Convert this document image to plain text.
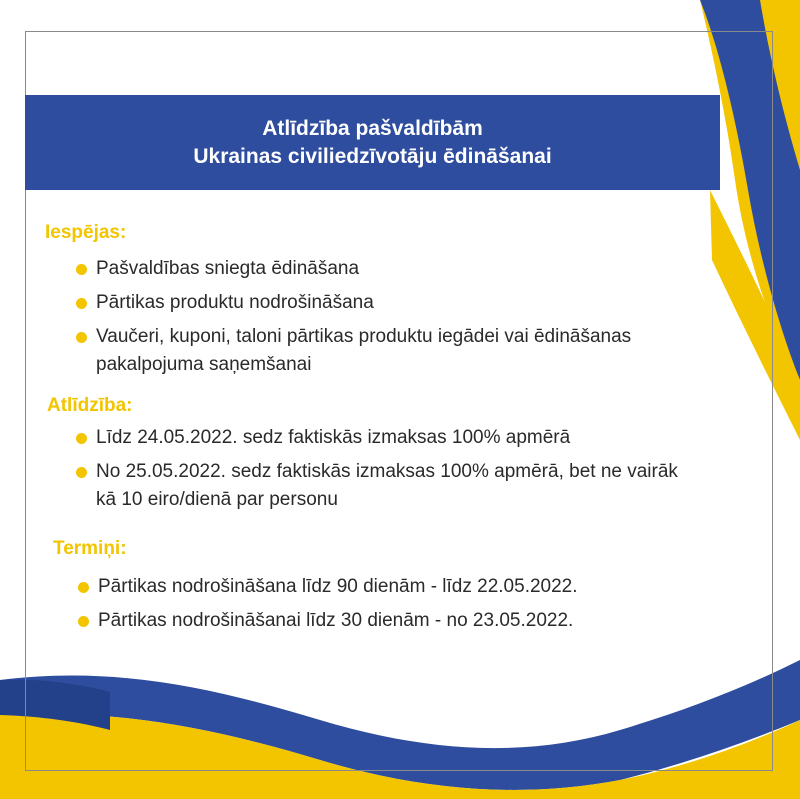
Atlīdzība pašvaldībām
Ukrainas civiliedzīvotāju ēdināšanai
Iespējas:
Pašvaldības sniegta ēdināšana
Pārtikas produktu nodrošināšana
Vaučeri, kuponi, taloni pārtikas produktu iegādei vai ēdināšanas pakalpojuma saņemšanai
Atlīdzība:
Līdz 24.05.2022. sedz faktiskās izmaksas 100% apmērā
No 25.05.2022. sedz faktiskās izmaksas 100% apmērā, bet ne vairāk kā 10 eiro/dienā par personu
Termiņi:
Pārtikas nodrošināšana līdz 90 dienām - līdz 22.05.2022.
Pārtikas nodrošināšanai līdz 30 dienām - no 23.05.2022.
